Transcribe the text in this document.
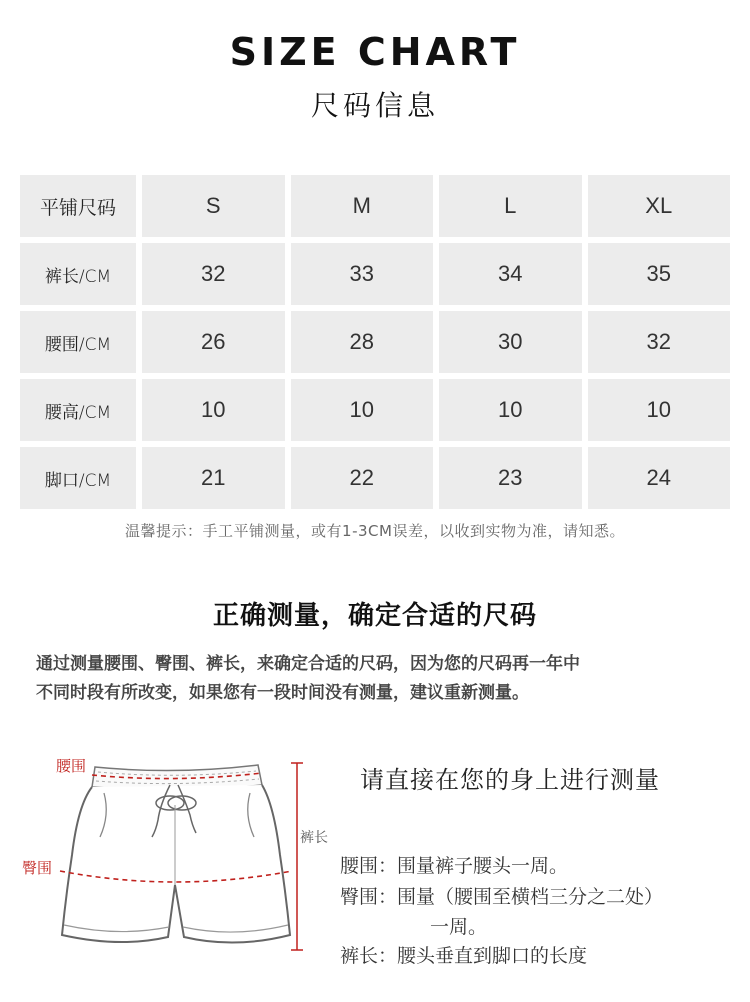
SIZE CHART
尺码信息
平铺尺码	S	M	L	XL
裤长/CM	32	33	34	35
腰围/CM	26	28	30	32
腰高/CM	10	10	10	10
脚口/CM	21	22	23	24
温馨提示：手工平铺测量，或有1-3CM误差，以收到实物为准，请知悉。
正确测量，确定合适的尺码
通过测量腰围、臀围、裤长，来确定合适的尺码，因为您的尺码再一年中
不同时段有所改变，如果您有一段时间没有测量，建议重新测量。
腰围
臀围
裤长
请直接在您的身上进行测量
腰围：围量裤子腰头一周。
臀围：围量（腰围至横档三分之二处）
一周。
裤长：腰头垂直到脚口的长度
